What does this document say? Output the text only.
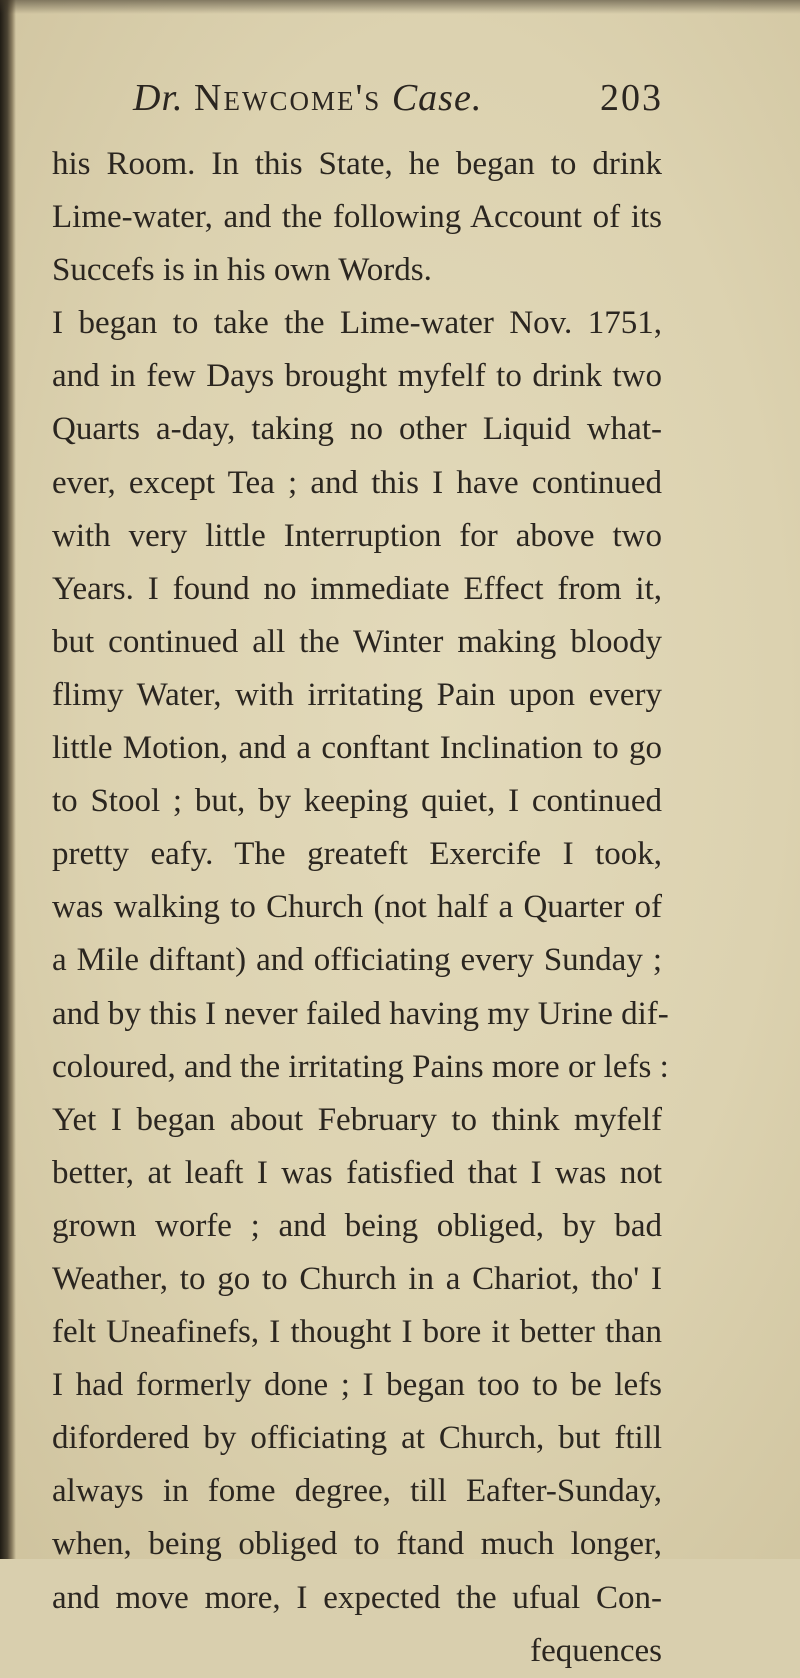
Dr. Newcome's Case.	203
his Room. In this State, he began to drink
Lime-water, and the following Account of its
Succefs is in his own Words.
I began to take the Lime-water Nov. 1751,
and in few Days brought myfelf to drink two
Quarts a-day, taking no other Liquid what-
ever, except Tea ; and this I have continued
with very little Interruption for above two
Years. I found no immediate Effect from it,
but continued all the Winter making bloody
flimy Water, with irritating Pain upon every
little Motion, and a conftant Inclination to go
to Stool ; but, by keeping quiet, I continued
pretty eafy. The greateft Exercife I took,
was walking to Church (not half a Quarter of
a Mile diftant) and officiating every Sunday ;
and by this I never failed having my Urine dif-
coloured, and the irritating Pains more or lefs :
Yet I began about February to think myfelf
better, at leaft I was fatisfied that I was not
grown worfe ; and being obliged, by bad
Weather, to go to Church in a Chariot, tho' I
felt Uneafinefs, I thought I bore it better than
I had formerly done ; I began too to be lefs
difordered by officiating at Church, but ftill
always in fome degree, till Eafter-Sunday,
when, being obliged to ftand much longer,
and move more, I expected the ufual Con-
fequences
